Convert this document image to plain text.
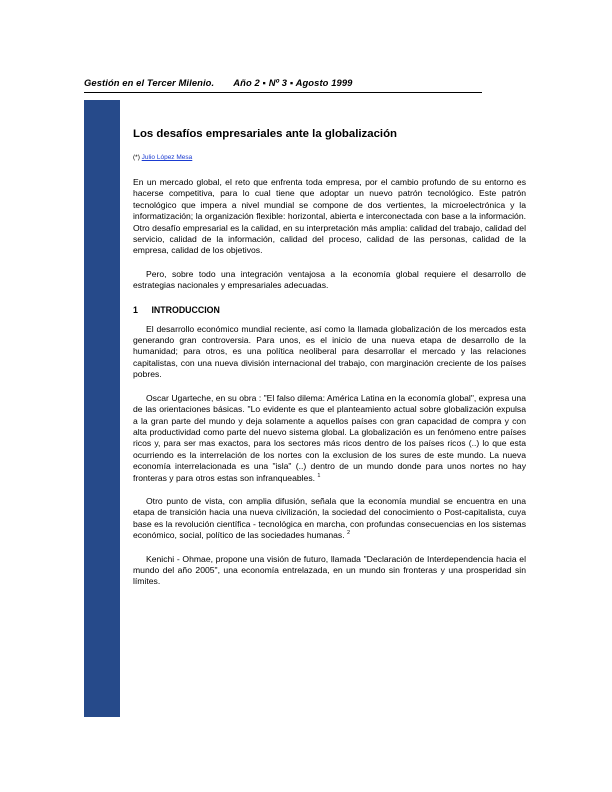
Gestión en el Tercer Milenio. Año 2 ▪ Nº 3 ▪ Agosto 1999
Los desafíos empresariales ante la globalización
(*) Julio López Mesa

En un mercado global, el reto que enfrenta toda empresa, por el cambio profundo de su entorno es hacerse competitiva, para lo cual tiene que adoptar un nuevo patrón tecnológico. Este patrón tecnológico que impera a nivel mundial se compone de dos vertientes, la microelectrónica y la informatización; la organización flexible: horizontal, abierta e interconectada con base a la información. Otro desafío empresarial es la calidad, en su interpretación más amplia: calidad del trabajo, calidad del servicio, calidad de la información, calidad del proceso, calidad de las personas, calidad de la empresa, calidad de los objetivos.

Pero, sobre todo una integración ventajosa a la economía global requiere el desarrollo de estrategias nacionales y empresariales adecuadas.

1 INTRODUCCION

El desarrollo económico mundial reciente, así como la llamada globalización de los mercados esta generando gran controversia. Para unos, es el inicio de una nueva etapa de desarrollo de la humanidad; para otros, es una política neoliberal para desarrollar el mercado y las relaciones capitalistas, con una nueva división internacional del trabajo, con marginación creciente de los países pobres.

Oscar Ugarteche, en su obra : "El falso dilema: América Latina en la economía global", expresa una de las orientaciones básicas. "Lo evidente es que el planteamiento actual sobre globalización expulsa a la gran parte del mundo y deja solamente a aquellos países con gran capacidad de compra y con alta productividad como parte del nuevo sistema global. La globalización es un fenómeno entre países ricos y, para ser mas exactos, para los sectores más ricos dentro de los países ricos (..) lo que esta ocurriendo es la interrelación de los nortes con la exclusion de los sures de este mundo. La nueva economía interrelacionada es una "isla" (..) dentro de un mundo donde para unos nortes no hay fronteras y para otros estas son infranqueables. $^1$

Otro punto de vista, con amplia difusión, señala que la economía mundial se encuentra en una etapa de transición hacia una nueva civilización, la sociedad del conocimiento o Post-capitalista, cuya base es la revolución científica - tecnológica en marcha, con profundas consecuencias en los sistemas económico, social, político de las sociedades humanas. $^2$

Kenichi - Ohmae, propone una visión de futuro, llamada "Declaración de Interdependencia hacia el mundo del año 2005", una economía entrelazada, en un mundo sin fronteras y una prosperidad sin límites.
